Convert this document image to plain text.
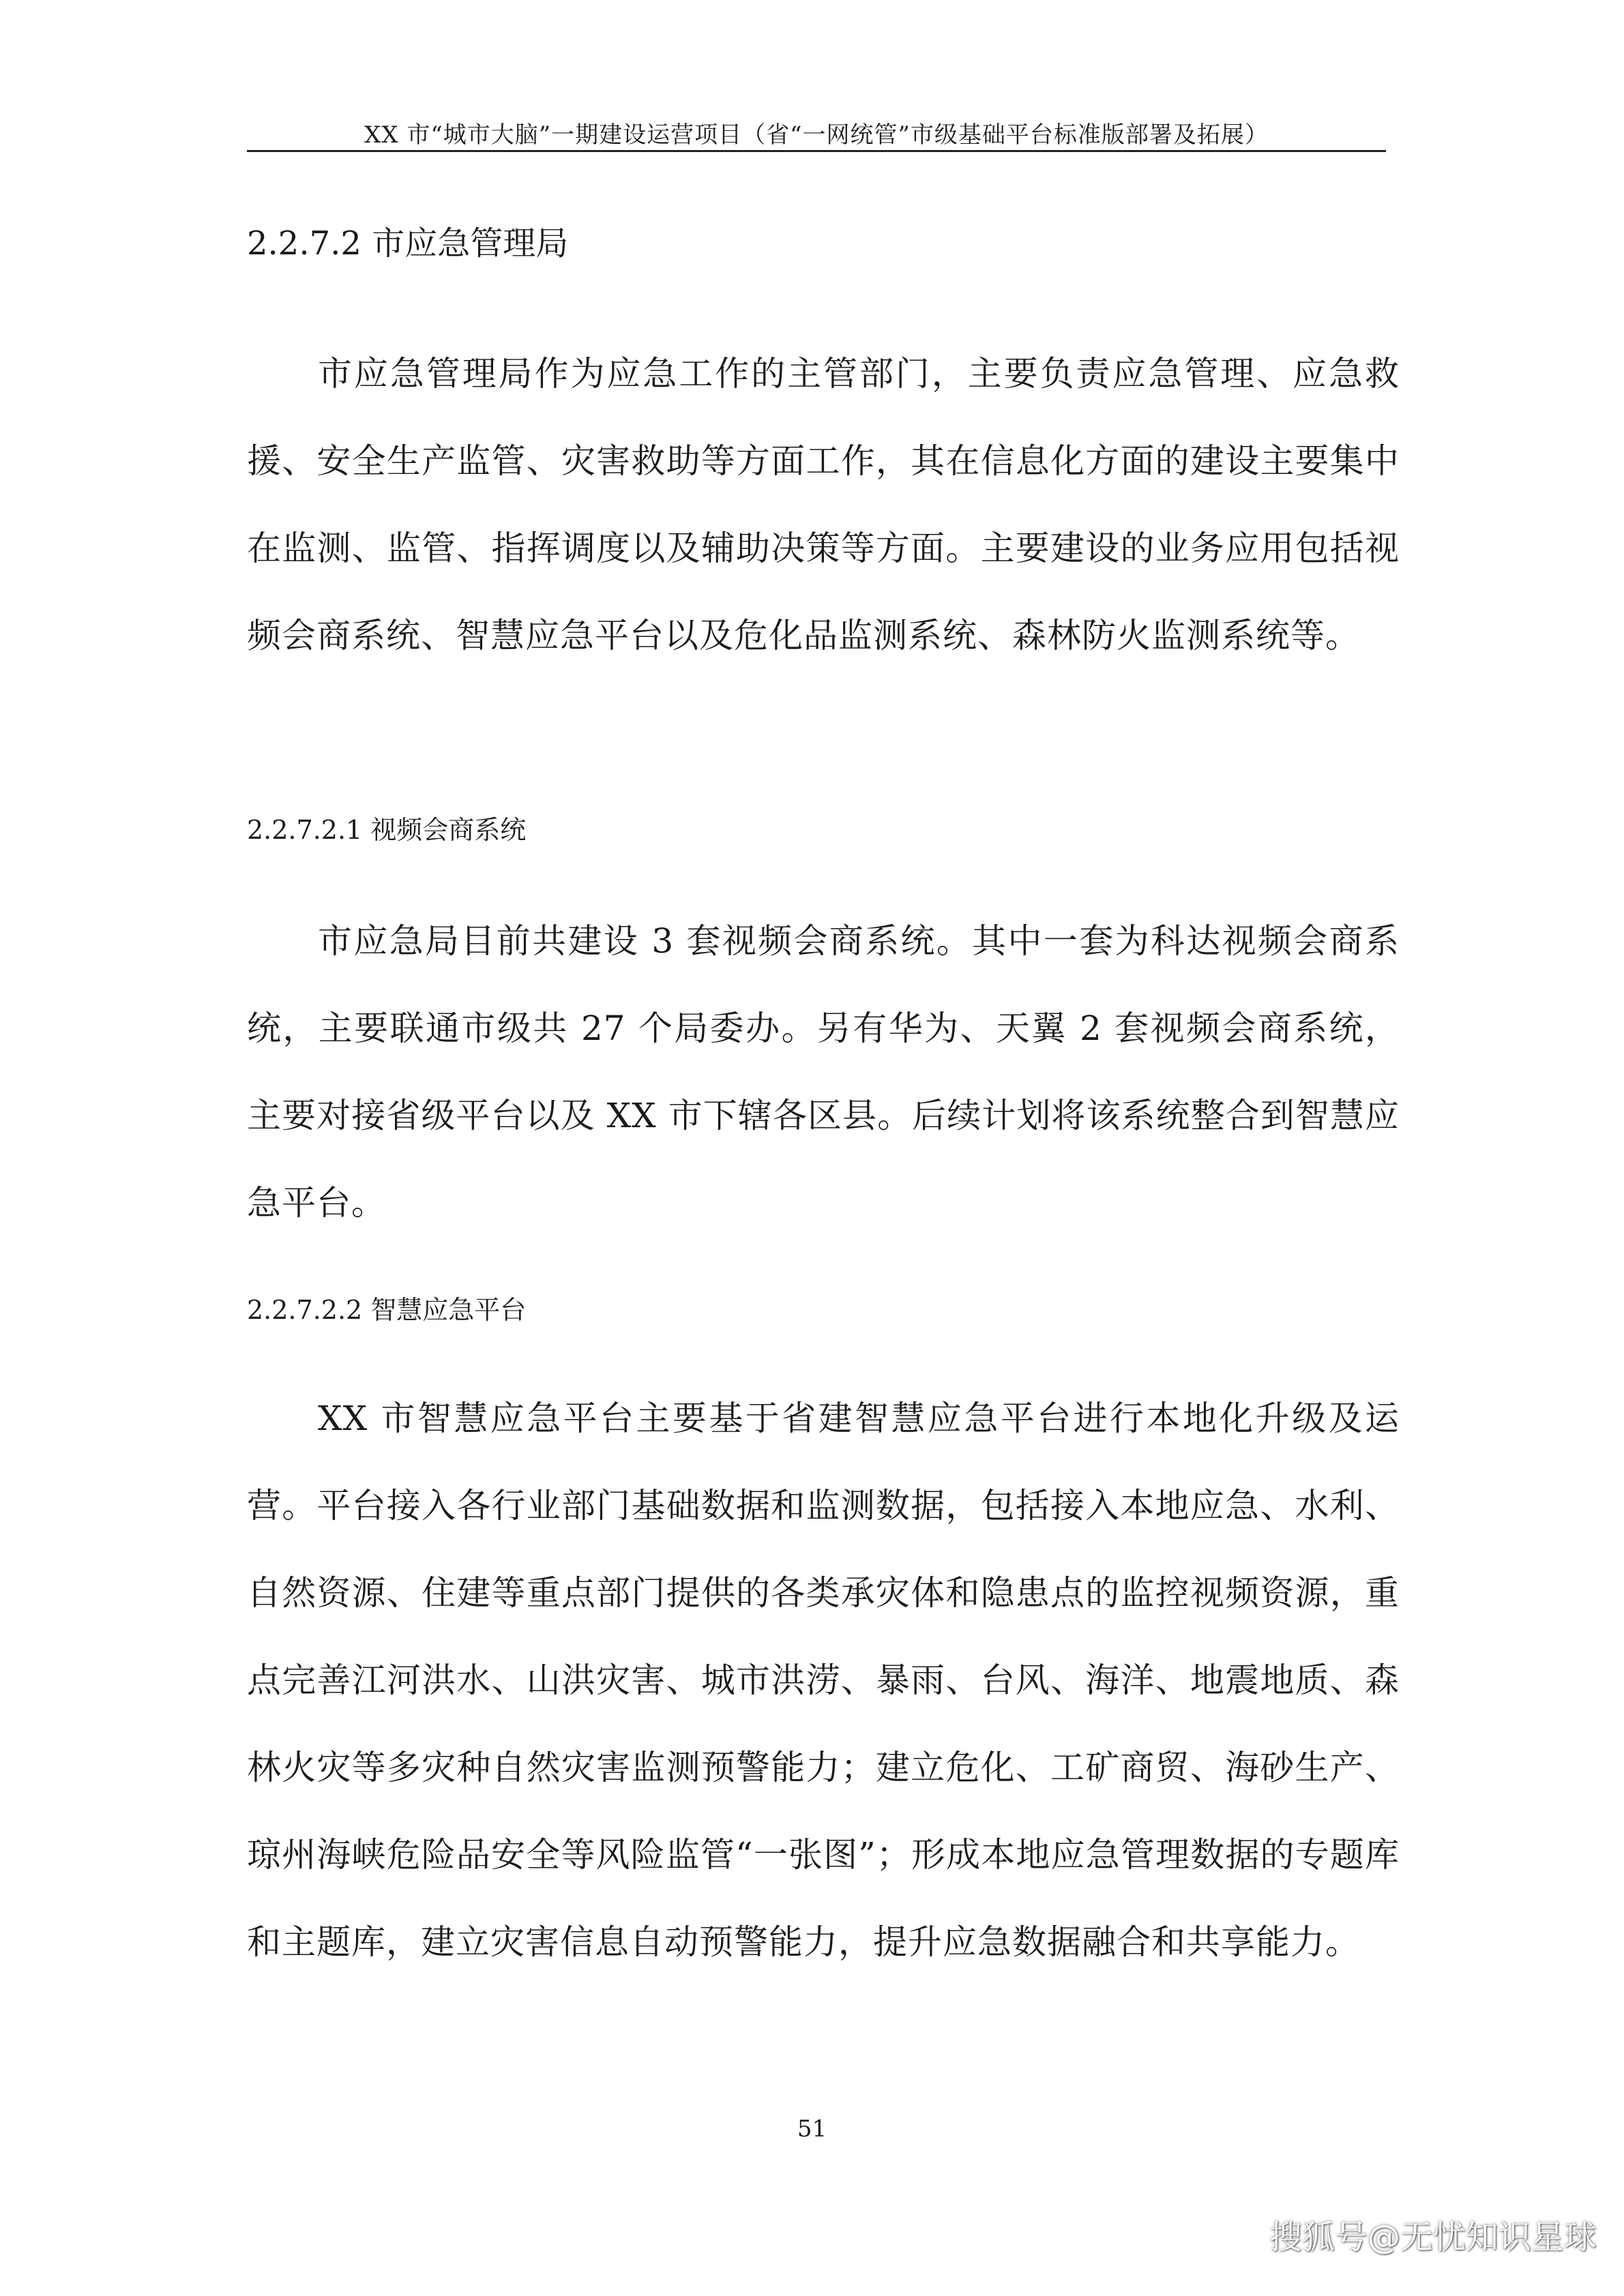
XX 市“城市大脑”一期建设运营项目（省“一网统管”市级基础平台标准版部署及拓展）
2.2.7.2 市应急管理局

市应急管理局作为应急工作的主管部门，主要负责应急管理、应急救援、安全生产监管、灾害救助等方面工作，其在信息化方面的建设主要集中在监测、监管、指挥调度以及辅助决策等方面。主要建设的业务应用包括视频会商系统、智慧应急平台以及危化品监测系统、森林防火监测系统等。

2.2.7.2.1 视频会商系统

市应急局目前共建设 3 套视频会商系统。其中一套为科达视频会商系统，主要联通市级共 27 个局委办。另有华为、天翼 2 套视频会商系统，主要对接省级平台以及 XX 市下辖各区县。后续计划将该系统整合到智慧应急平台。

2.2.7.2.2 智慧应急平台

XX 市智慧应急平台主要基于省建智慧应急平台进行本地化升级及运营。平台接入各行业部门基础数据和监测数据，包括接入本地应急、水利、自然资源、住建等重点部门提供的各类承灾体和隐患点的监控视频资源，重点完善江河洪水、山洪灾害、城市洪涝、暴雨、台风、海洋、地震地质、森林火灾等多灾种自然灾害监测预警能力；建立危化、工矿商贸、海砂生产、琼州海峡危险品安全等风险监管“一张图”；形成本地应急管理数据的专题库和主题库，建立灾害信息自动预警能力，提升应急数据融合和共享能力。

51
搜狐号@无忧知识星球
